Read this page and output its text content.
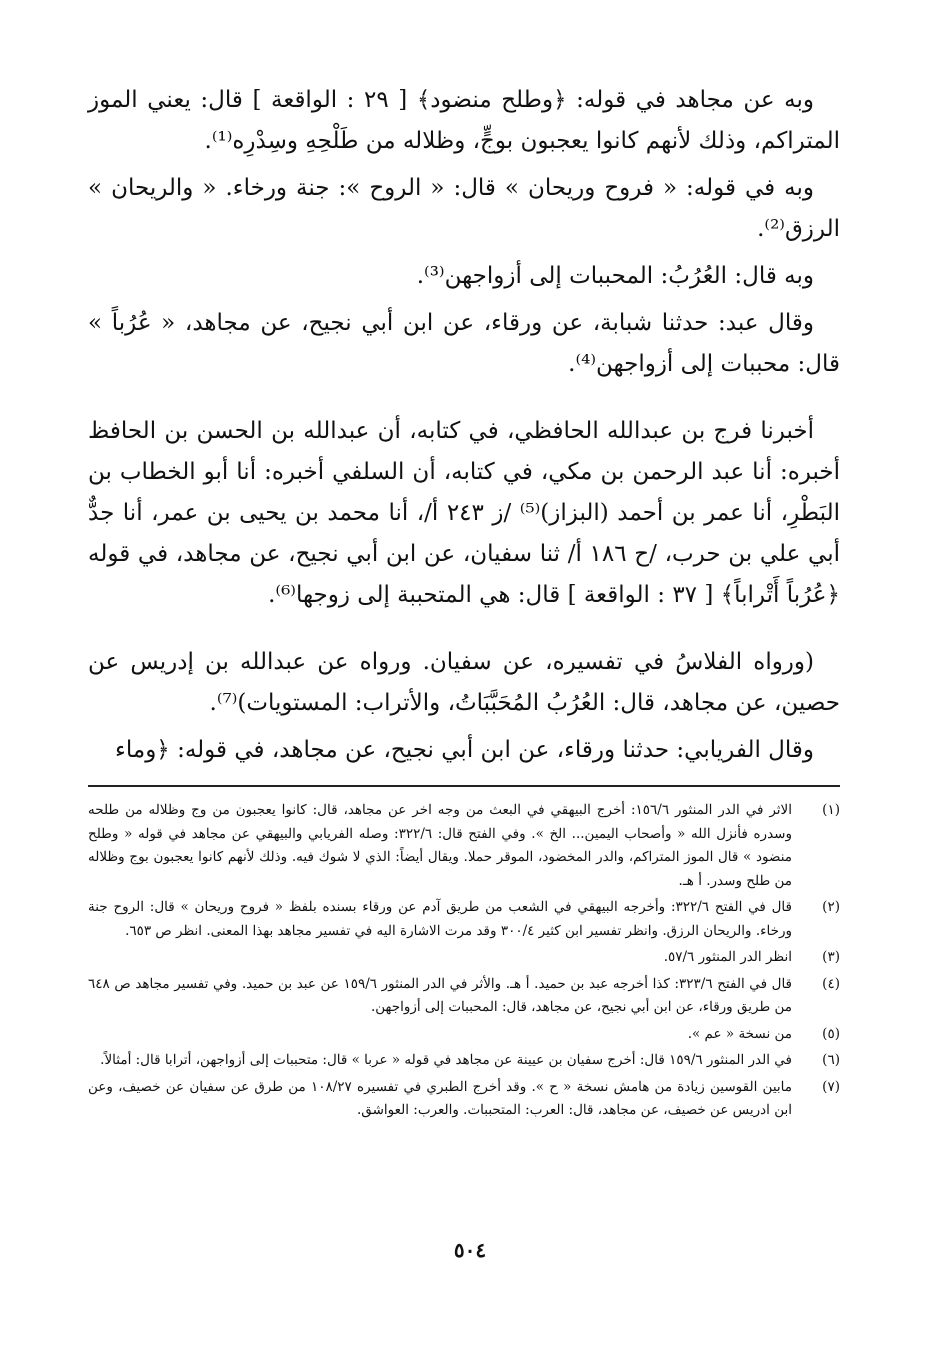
وبه عن مجاهد في قوله: ﴿وطلح منضود﴾ [ ٢٩ : الواقعة ] قال: يعني الموز المتراكم، وذلك لأنهم كانوا يعجبون بوجٍّ، وظلاله من طَلْحِهِ وسِدْرِه⁽¹⁾.

وبه في قوله: « فروح وريحان » قال: « الروح »: جنة ورخاء. « والريحان » الرزق⁽²⁾.

وبه قال: العُرُبُ: المحببات إلى أزواجهن⁽³⁾.

وقال عبد: حدثنا شبابة، عن ورقاء، عن ابن أبي نجيح، عن مجاهد، « عُرُباً » قال: محببات إلى أزواجهن⁽⁴⁾.

أخبرنا فرج بن عبدالله الحافظي، في كتابه، أن عبدالله بن الحسن بن الحافظ أخبره: أنا عبد الرحمن بن مكي، في كتابه، أن السلفي أخبره: أنا أبو الخطاب بن البَطْرِ، أنا عمر بن أحمد (البزاز)⁽⁵⁾ /ز ٢٤٣ أ/، أنا محمد بن يحيى بن عمر، أنا جدٌّ أبي علي بن حرب، /ح ١٨٦ أ/ ثنا سفيان، عن ابن أبي نجيح، عن مجاهد، في قوله ﴿عُرُباً أَتْراباً﴾ [ ٣٧ : الواقعة ] قال: هي المتحببة إلى زوجها⁽⁶⁾.

(ورواه الفلاسُ في تفسيره، عن سفيان. ورواه عن عبدالله بن إدريس عن حصين، عن مجاهد، قال: العُرُبُ المُحَبَّبَاتُ، والأتراب: المستويات)⁽⁷⁾.

وقال الفريابي: حدثنا ورقاء، عن ابن أبي نجيح، عن مجاهد، في قوله: ﴿وماء

(١)
الاثر في الدر المنثور ١٥٦/٦: أخرج البيهقي في البعث من وجه اخر عن مجاهد، قال: كانوا يعجبون من وج وظلاله من طلحه وسدره فأنزل الله « وأصحاب اليمين... الخ ». وفي الفتح قال: ٣٢٢/٦: وصله الفريابي والبيهقي عن مجاهد في قوله « وطلح منضود » قال الموز المتراكم، والدر المخضود، الموقر حملا. ويقال أيضاً: الذي لا شوك فيه. وذلك لأنهم كانوا يعجبون بوج وظلاله من طلح وسدر. أ هـ.
(٢)
قال في الفتح ٣٢٢/٦: وأخرجه البيهقي في الشعب من طريق آدم عن ورقاء بسنده بلفظ « فروح وريحان » قال: الروح جنة ورخاء. والريحان الرزق. وانظر تفسير ابن كثير ٣٠٠/٤ وقد مرت الاشارة اليه في تفسير مجاهد بهذا المعنى. انظر ص ٦٥٣.
(٣)
انظر الدر المنثور ٥٧/٦.
(٤)
قال في الفتح ٣٢٣/٦: كذا أخرجه عبد بن حميد. أ هـ. والأثر في الدر المنثور ١٥٩/٦ عن عبد بن حميد. وفي تفسير مجاهد ص ٦٤٨ من طريق ورقاء، عن ابن أبي نجيح، عن مجاهد، قال: المحببات إلى أزواجهن.
(٥)
من نسخة « عم ».
(٦)
في الدر المنثور ١٥٩/٦ قال: أخرج سفيان بن عيينة عن مجاهد في قوله « عربا » قال: متحببات إلى أزواجهن، أترابا قال: أمثالاً.
(٧)
مابين القوسين زيادة من هامش نسخة « ح ». وقد أخرج الطبري في تفسيره ١٠٨/٢٧ من طرق عن سفيان عن خصيف، وعن ابن ادريس عن خصيف، عن مجاهد، قال: العرب: المتحببات. والعرب: العواشق.
٥٠٤
